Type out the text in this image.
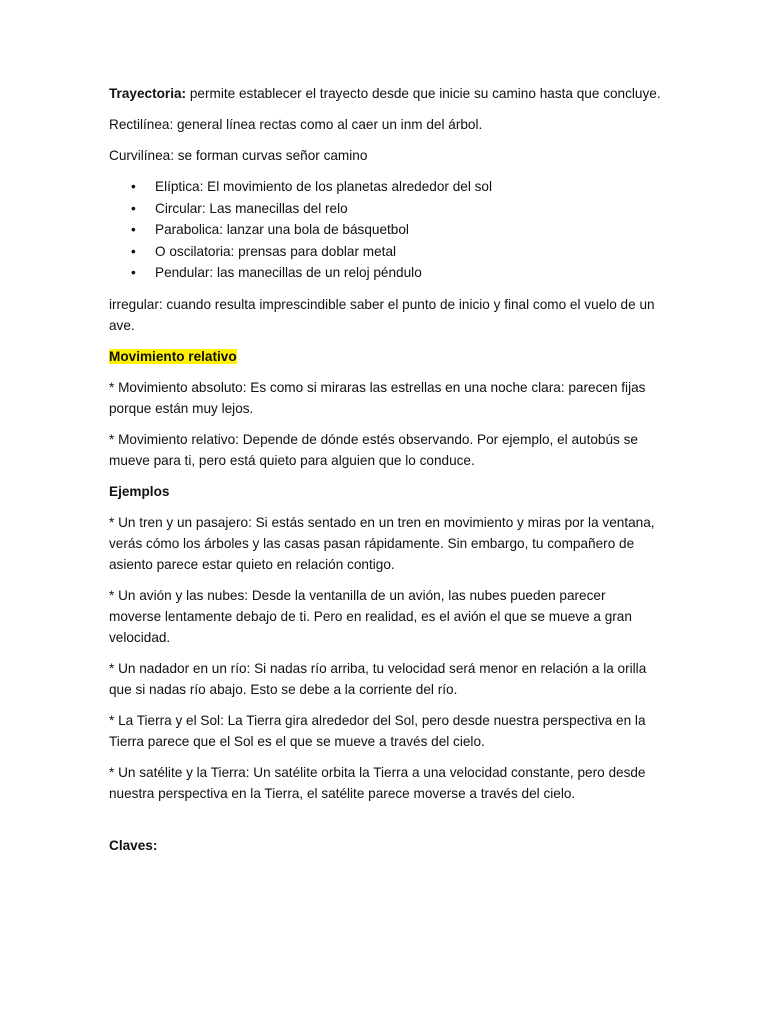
Trayectoria: permite establecer el trayecto desde que inicie su camino hasta que concluye.

Rectilínea: general línea rectas como al caer un inm del árbol.

Curvilínea: se forman curvas señor camino

• Elíptica: El movimiento de los planetas alrededor del sol
• Circular: Las manecillas del relo
• Parabolica: lanzar una bola de básquetbol
• O oscilatoria: prensas para doblar metal
• Pendular: las manecillas de un reloj péndulo

irregular: cuando resulta imprescindible saber el punto de inicio y final como el vuelo de un ave.

Movimiento relativo

* Movimiento absoluto: Es como si miraras las estrellas en una noche clara: parecen fijas porque están muy lejos.

* Movimiento relativo: Depende de dónde estés observando. Por ejemplo, el autobús se mueve para ti, pero está quieto para alguien que lo conduce.

Ejemplos

* Un tren y un pasajero: Si estás sentado en un tren en movimiento y miras por la ventana, verás cómo los árboles y las casas pasan rápidamente. Sin embargo, tu compañero de asiento parece estar quieto en relación contigo.

* Un avión y las nubes: Desde la ventanilla de un avión, las nubes pueden parecer moverse lentamente debajo de ti. Pero en realidad, es el avión el que se mueve a gran velocidad.

* Un nadador en un río: Si nadas río arriba, tu velocidad será menor en relación a la orilla que si nadas río abajo. Esto se debe a la corriente del río.

* La Tierra y el Sol: La Tierra gira alrededor del Sol, pero desde nuestra perspectiva en la Tierra parece que el Sol es el que se mueve a través del cielo.

* Un satélite y la Tierra: Un satélite orbita la Tierra a una velocidad constante, pero desde nuestra perspectiva en la Tierra, el satélite parece moverse a través del cielo.

Claves:
